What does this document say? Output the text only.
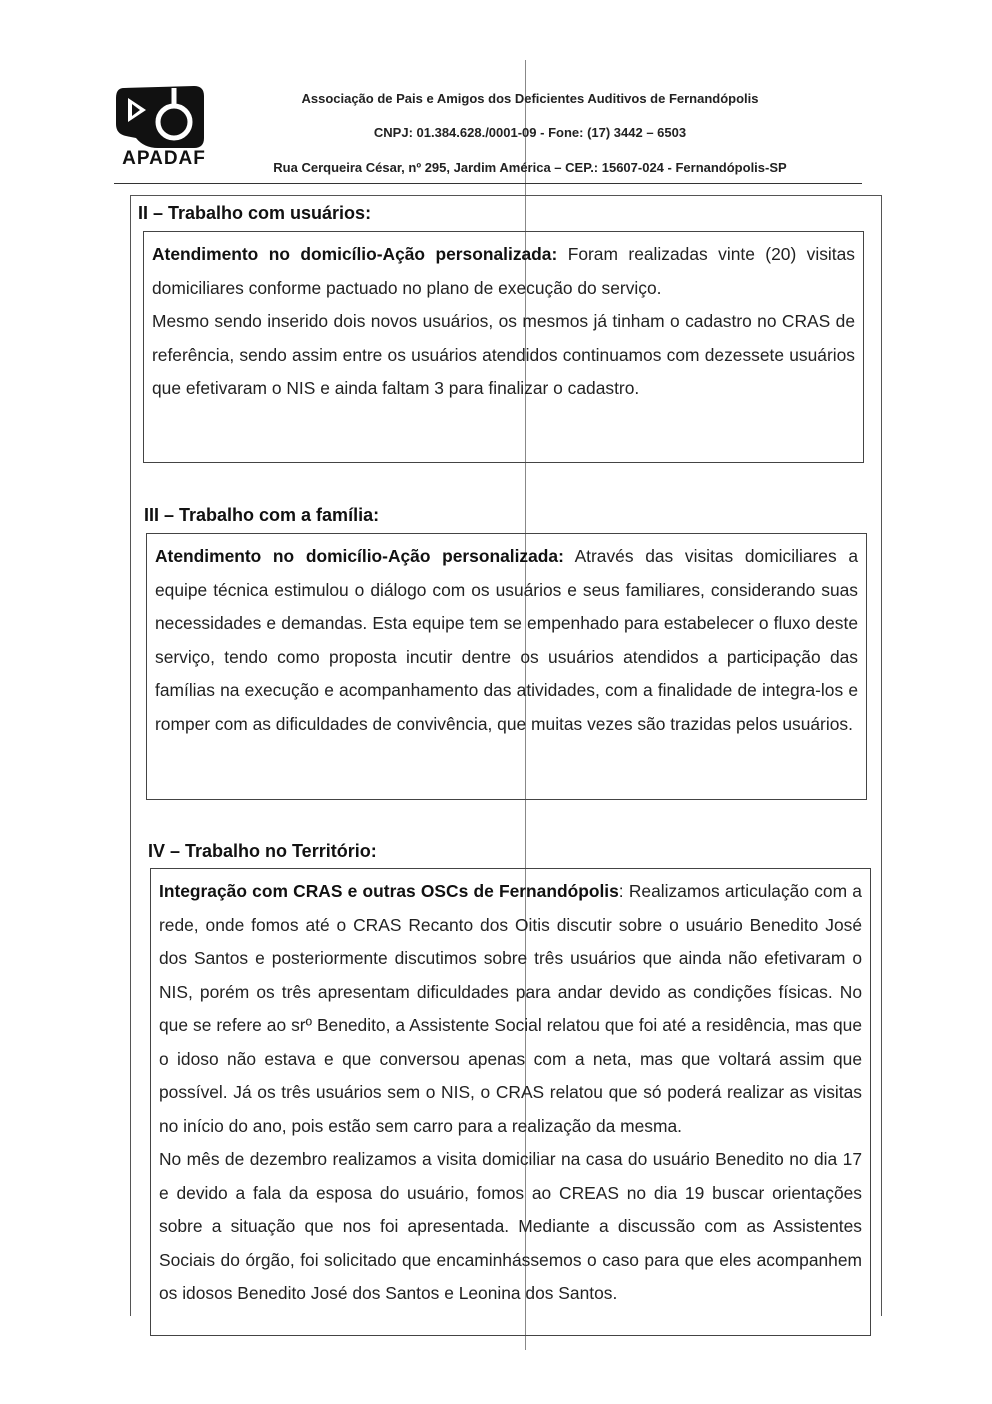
APADAF
Associação de Pais e Amigos dos Deficientes Auditivos de Fernandópolis
CNPJ: 01.384.628./0001-09 - Fone: (17) 3442 – 6503
Rua Cerqueira César, nº 295, Jardim América – CEP.: 15607-024 - Fernandópolis-SP
II – Trabalho com usuários:

Atendimento no domicílio-Ação personalizada: Foram realizadas vinte (20) visitas domiciliares conforme pactuado no plano de execução do serviço.

Mesmo sendo inserido dois novos usuários, os mesmos já tinham o cadastro no CRAS de referência, sendo assim entre os usuários atendidos continuamos com dezessete usuários que efetivaram o NIS e ainda faltam 3 para finalizar o cadastro.

III – Trabalho com a família:

Atendimento no domicílio-Ação personalizada: Através das visitas domiciliares a equipe técnica estimulou o diálogo com os usuários e seus familiares, considerando suas necessidades e demandas. Esta equipe tem se empenhado para estabelecer o fluxo deste serviço, tendo como proposta incutir dentre os usuários atendidos a participação das famílias na execução e acompanhamento das atividades, com a finalidade de integra-los e romper com as dificuldades de convivência, que muitas vezes são trazidas pelos usuários.

IV – Trabalho no Território:

Integração com CRAS e outras OSCs de Fernandópolis: Realizamos articulação com a rede, onde fomos até o CRAS Recanto dos Oitis discutir sobre o usuário Benedito José dos Santos e posteriormente discutimos sobre três usuários que ainda não efetivaram o NIS, porém os três apresentam dificuldades para andar devido as condições físicas. No que se refere ao srº Benedito, a Assistente Social relatou que foi até a residência, mas que o idoso não estava e que conversou apenas com a neta, mas que voltará assim que possível. Já os três usuários sem o NIS, o CRAS relatou que só poderá realizar as visitas no início do ano, pois estão sem carro para a realização da mesma.

No mês de dezembro realizamos a visita domiciliar na casa do usuário Benedito no dia 17 e devido a fala da esposa do usuário, fomos ao CREAS no dia 19 buscar orientações sobre a situação que nos foi apresentada. Mediante a discussão com as Assistentes Sociais do órgão, foi solicitado que encaminhássemos o caso para que eles acompanhem os idosos Benedito José dos Santos e Leonina dos Santos.
